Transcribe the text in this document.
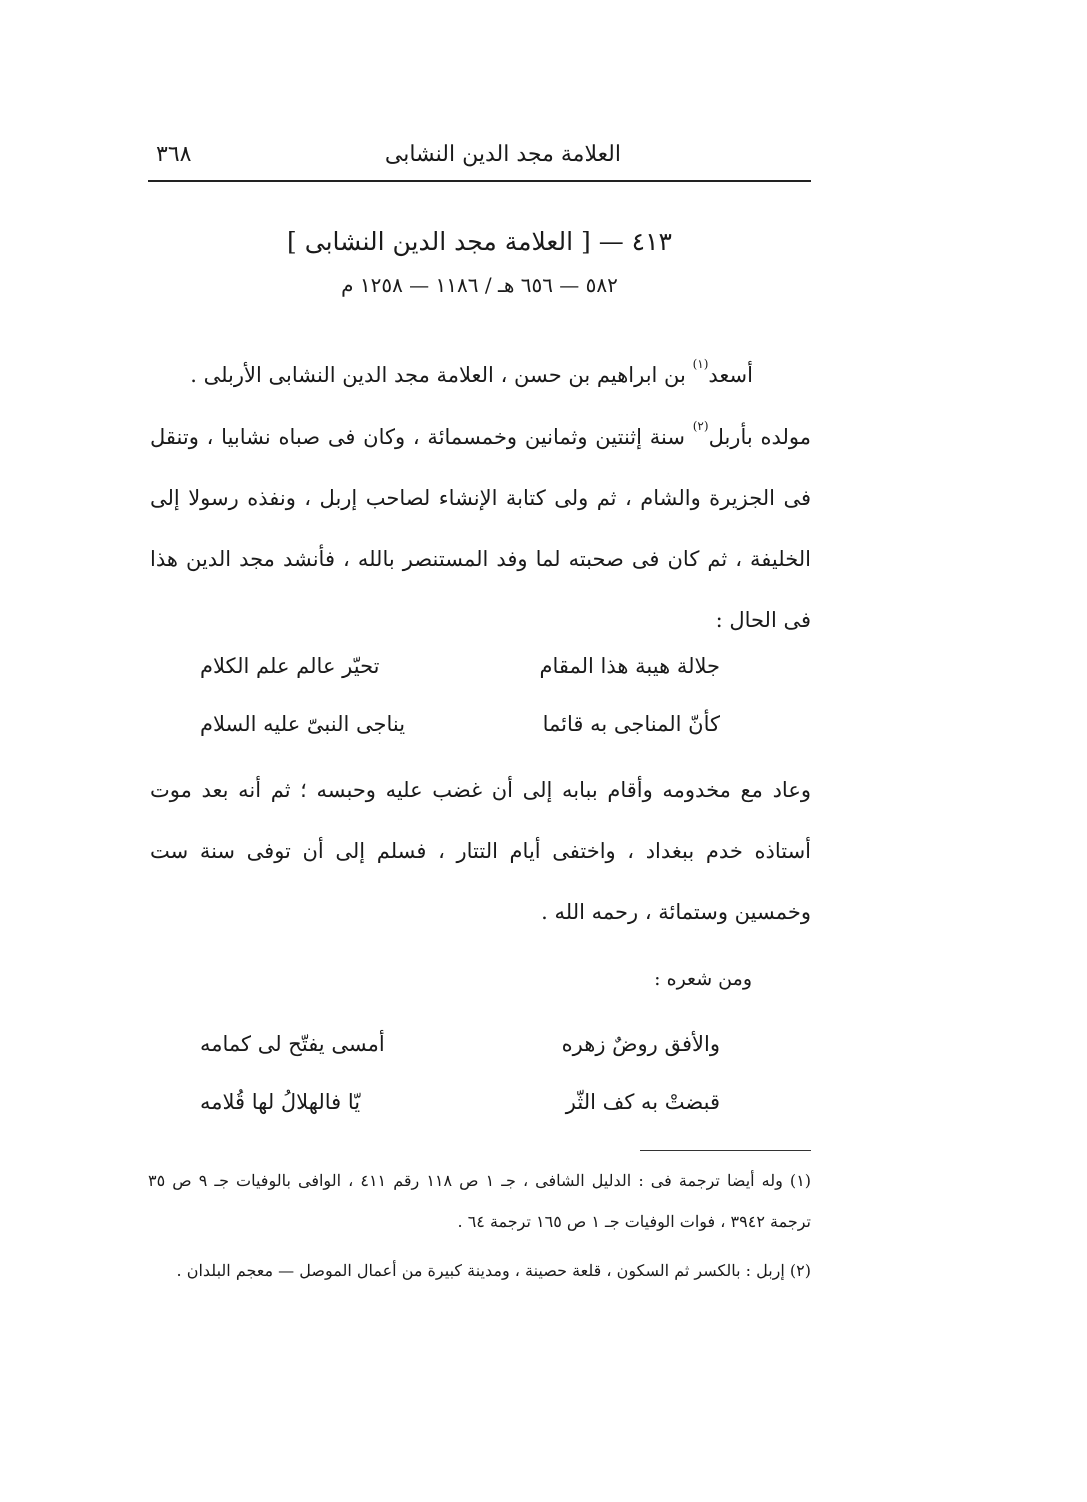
العلامة مجد الدين النشابى
٣٦٨
٤١٣ — [ العلامة مجد الدين النشابى ]
٥٨٢ — ٦٥٦ هـ / ١١٨٦ — ١٢٥٨ م

أسعد$^{(١)}$ بن ابراهيم بن حسن ، العلامة مجد الدين النشابى الأربلى .

مولده بأربل$^{(٢)}$ سنة إثنتين وثمانين وخمسمائة ، وكان فى صباه نشابيا ، وتنقل فى الجزيرة والشام ، ثم ولى كتابة الإنشاء لصاحب إربل ، ونفذه رسولا إلى الخليفة ، ثم كان فى صحبته لما وفد المستنصر بالله ، فأنشد مجد الدين هذا فى الحال :

جلالة هيبة هذا المقام
تحيّر عالم علم الكلام
كأنّ المناجى به قائما
يناجى النبىّ عليه السلام

وعاد مع مخدومه وأقام ببابه إلى أن غضب عليه وحبسه ؛ ثم أنه بعد موت أستاذه خدم ببغداد ، واختفى أيام التتار ، فسلم إلى أن توفى سنة ست وخمسين وستمائة ، رحمه الله .

ومن شعره :
والأفق روضٌ زهره
أمسى يفتّح لى كمامه
قبضتْ به كف الثّر
يّا فالهلالُ لها قُلامه
(١) وله أيضا ترجمة فى : الدليل الشافى ، جـ ١ ص ١١٨ رقم ٤١١ ، الوافى بالوفيات جـ ٩ ص ٣٥ ترجمة ٣٩٤٢ ، فوات الوفيات جـ ١ ص ١٦٥ ترجمة ٦٤ .
(٢) إربل : بالكسر ثم السكون ، قلعة حصينة ، ومدينة كبيرة من أعمال الموصل — معجم البلدان .
